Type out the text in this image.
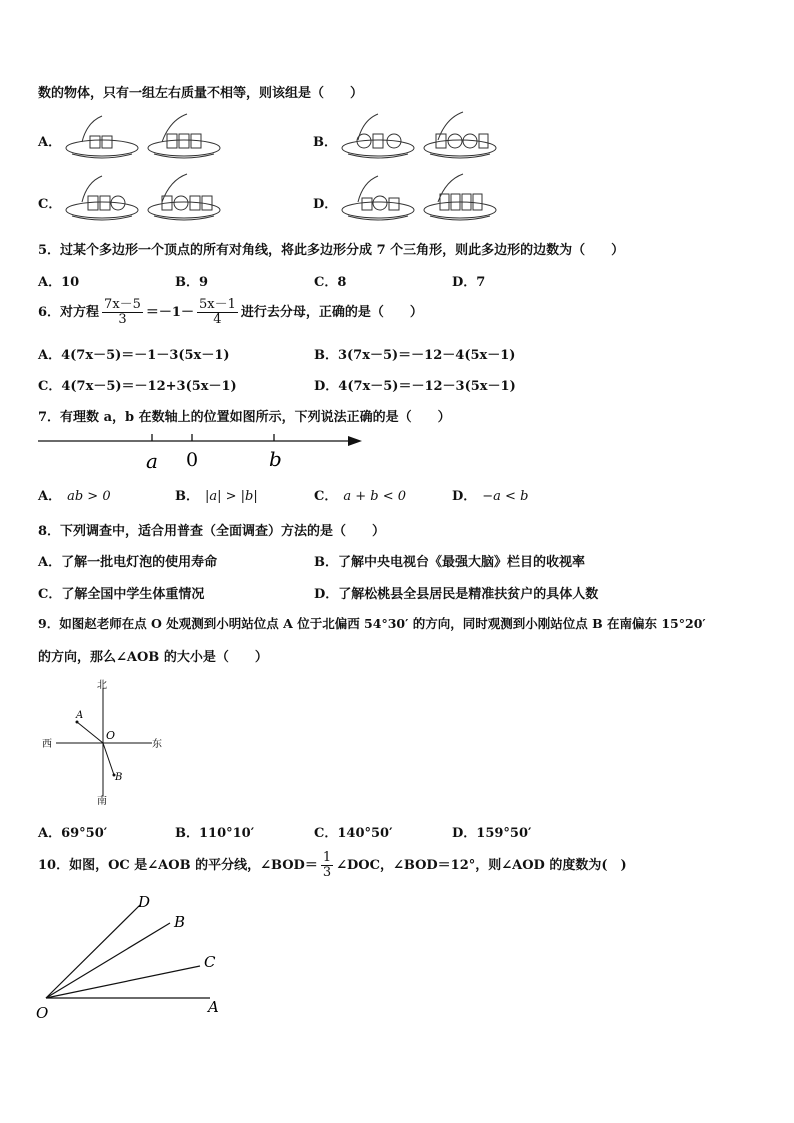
数的物体，只有一组左右质量不相等，则该组是（　　）
A．	B．
C．	D．
5．过某个多边形一个顶点的所有对角线，将此多边形分成 7 个三角形，则此多边形的边数为（　　）
A．10	B．9	C．8	D．7
6．对方程 $\frac{7x-5}{3} =-1- \frac{5x-1}{4}$ 进行去分母，正确的是（　　）
A．4(7x－5)＝－1－3(5x－1)	B．3(7x－5)＝－12－4(5x－1)
C．4(7x－5)＝－12+3(5x－1)	D．4(7x－5)＝－12－3(5x－1)
7．有理数 a，b 在数轴上的位置如图所示，下列说法正确的是（　　）
a 0	b
A． ab > 0	B． |a| > |b|	C． a + b < 0	D． −a < b
8．下列调查中，适合用普查（全面调查）方法的是（　　）
A．了解一批电灯泡的使用寿命	B．了解中央电视台《最强大脑》栏目的收视率
C．了解全国中学生体重情况	D．了解松桃县全县居民是精准扶贫户的具体人数
9．如图赵老师在点 O 处观测到小明站位点 A 位于北偏西 54°30′ 的方向，同时观测到小刚站位点 B 在南偏东 15°20′
的方向，那么∠AOB 的大小是（　　）
北
南
西	东
A
B
O
A．69°50′	B．110°10′	C．140°50′	D．159°50′
10．如图，OC 是∠AOB 的平分线，∠BOD＝ $\frac{1}{3}$ ∠DOC，∠BOD＝12°，则∠AOD 的度数为(　)
D
B
C
O	A
